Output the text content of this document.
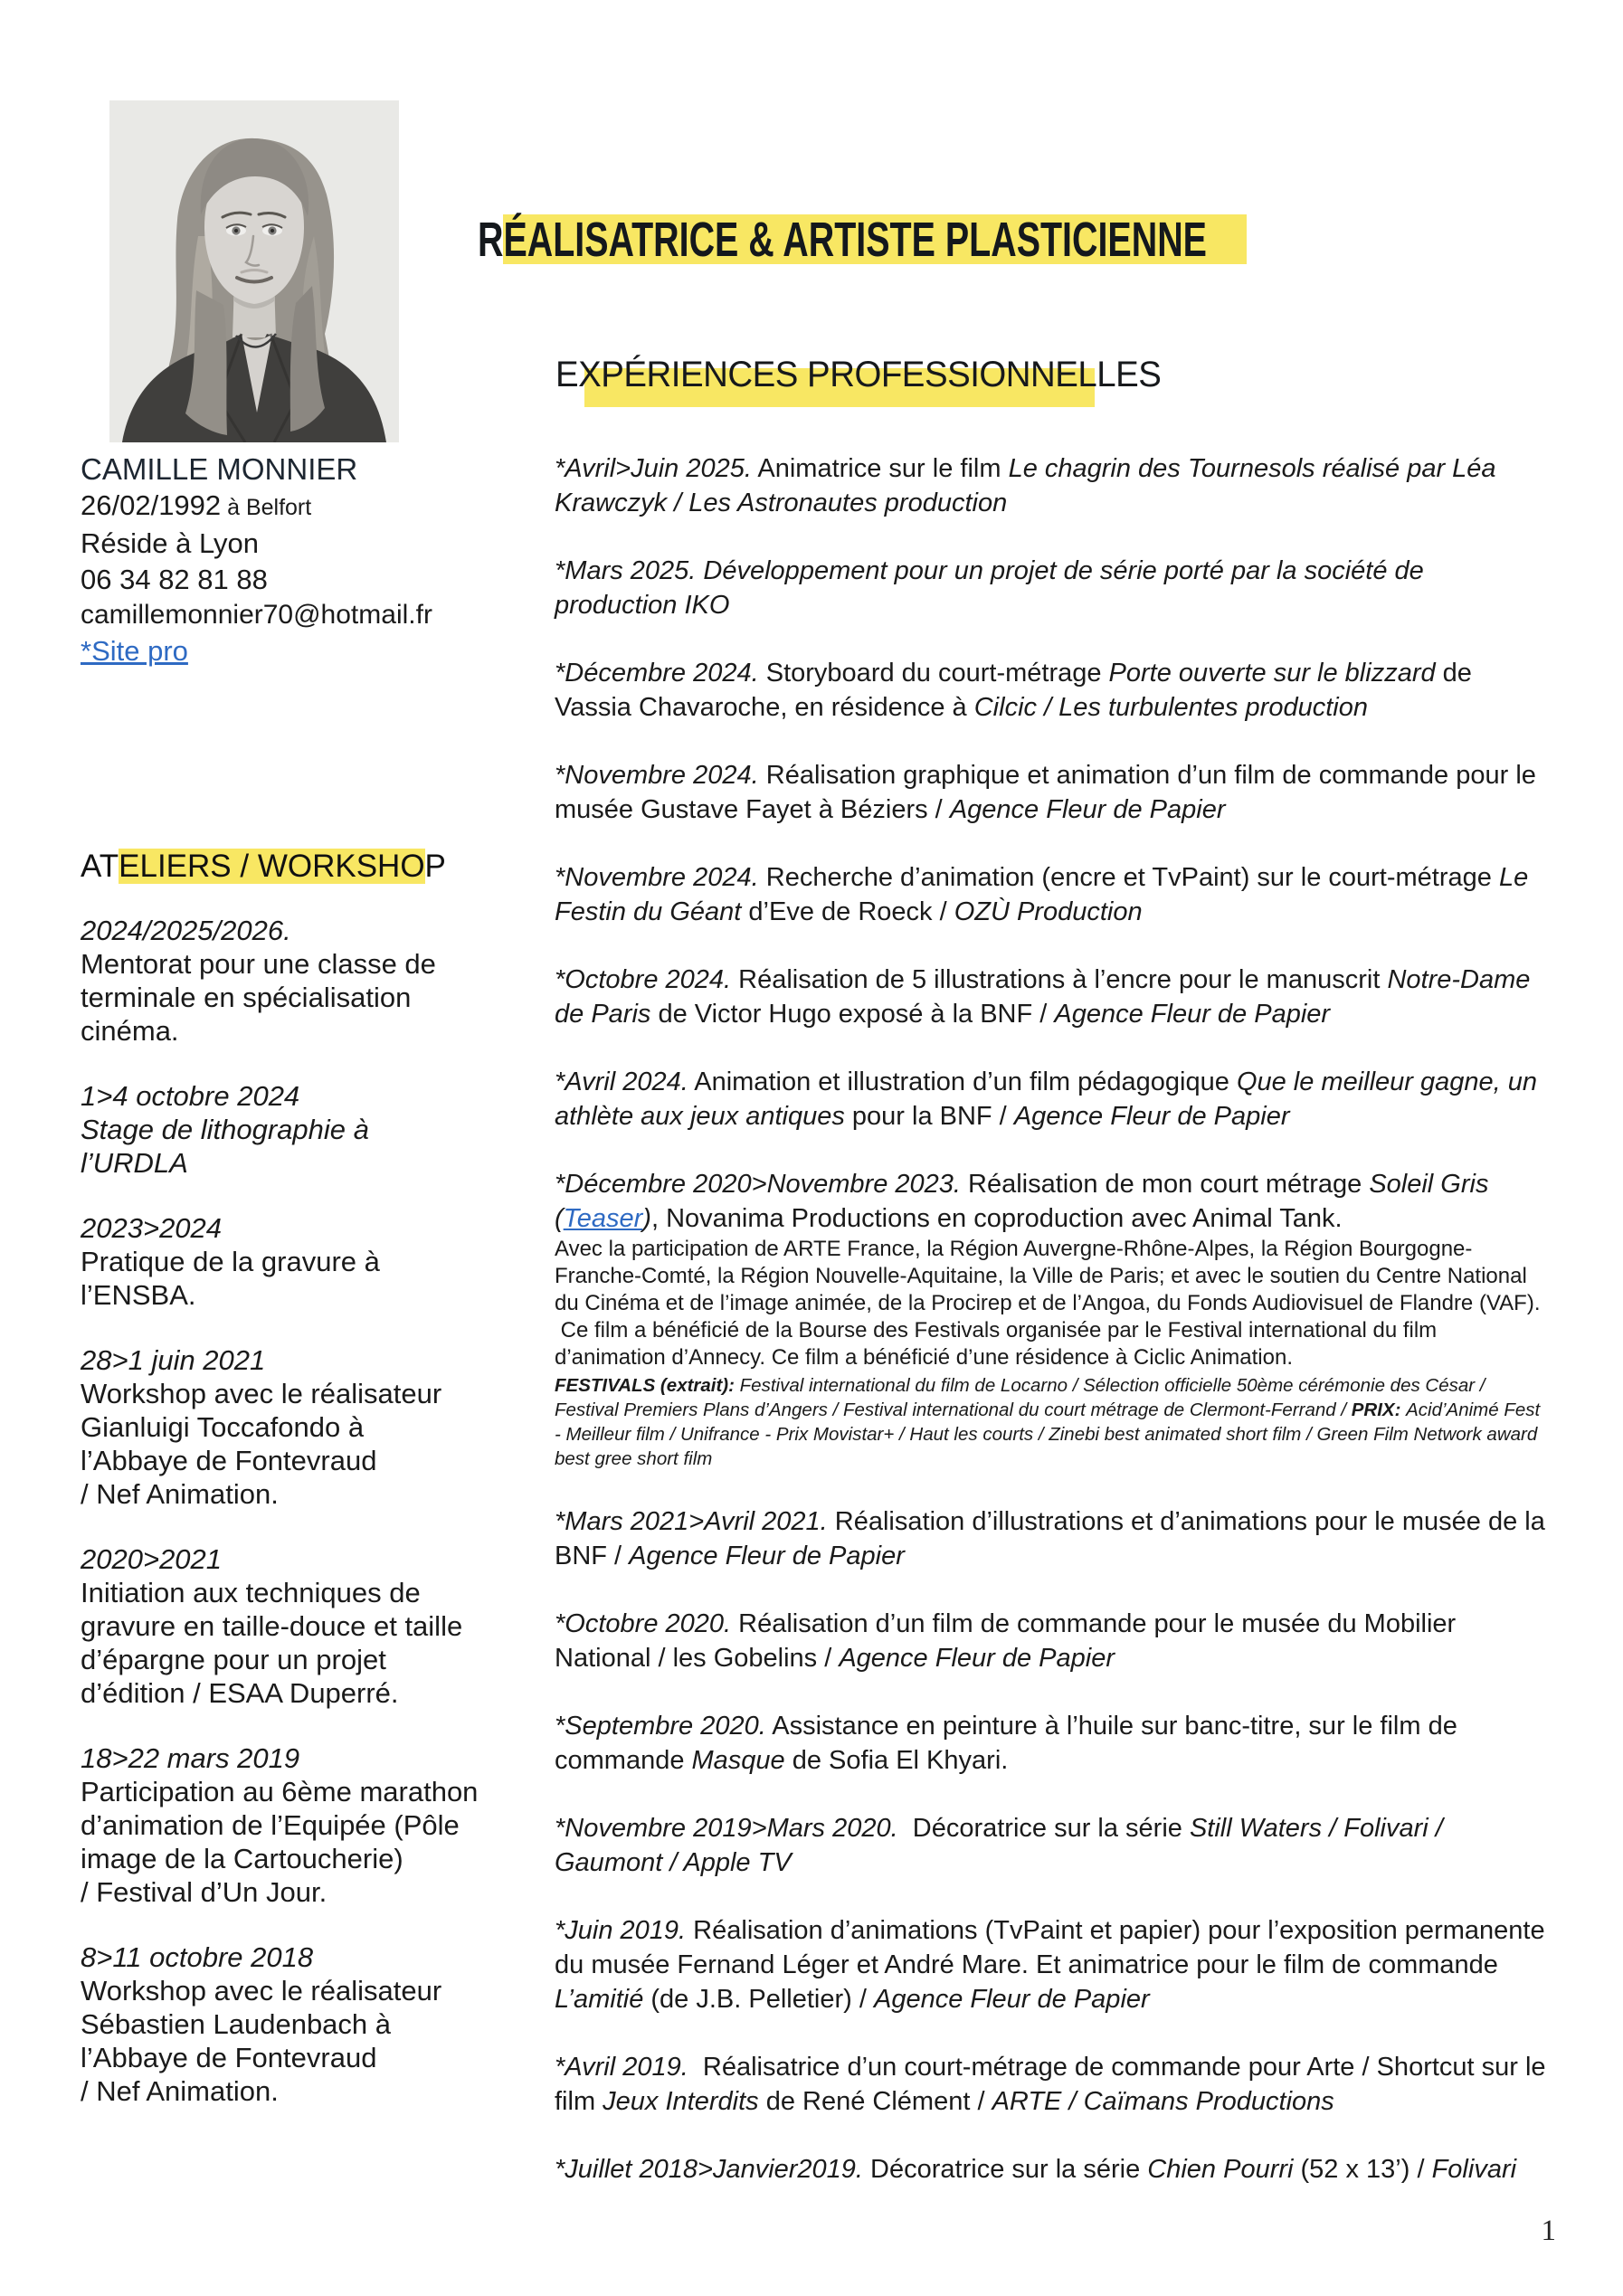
RÉALISATRICE & ARTISTE PLASTICIENNE
EXPÉRIENCES PROFESSIONNELLES
CAMILLE MONNIER
26/02/1992 à Belfort
Réside à Lyon
06 34 82 81 88
camillemonnier70@hotmail.fr
*Site pro
ATELIERS / WORKSHOP
2024/2025/2026.
Mentorat pour une classe de
terminale en spécialisation
cinéma.
1>4 octobre 2024
Stage de lithographie à
l’URDLA
2023>2024
Pratique de la gravure à
l’ENSBA.
28>1 juin 2021
Workshop avec le réalisateur
Gianluigi Toccafondo à
l’Abbaye de Fontevraud
/ Nef Animation.
2020>2021
Initiation aux techniques de
gravure en taille-douce et taille
d’épargne pour un projet
d’édition / ESAA Duperré.
18>22 mars 2019
Participation au 6ème marathon
d’animation de l’Equipée (Pôle
image de la Cartoucherie)
/ Festival d’Un Jour.
8>11 octobre 2018
Workshop avec le réalisateur
Sébastien Laudenbach à
l’Abbaye de Fontevraud
/ Nef Animation.
*Avril>Juin 2025. Animatrice sur le film Le chagrin des Tournesols réalisé par Léa Krawczyk / Les Astronautes production
*Mars 2025. Développement pour un projet de série porté par la société de production IKO
*Décembre 2024. Storyboard du court-métrage Porte ouverte sur le blizzard de Vassia Chavaroche, en résidence à Cilcic / Les turbulentes production
*Novembre 2024. Réalisation graphique et animation d’un film de commande pour le musée Gustave Fayet à Béziers / Agence Fleur de Papier
*Novembre 2024. Recherche d’animation (encre et TvPaint) sur le court-métrage Le Festin du Géant d’Eve de Roeck / OZÙ Production
*Octobre 2024. Réalisation de 5 illustrations à l’encre pour le manuscrit Notre-Dame de Paris de Victor Hugo exposé à la BNF / Agence Fleur de Papier
*Avril 2024. Animation et illustration d’un film pédagogique Que le meilleur gagne, un athlète aux jeux antiques pour la BNF / Agence Fleur de Papier
*Décembre 2020>Novembre 2023. Réalisation de mon court métrage Soleil Gris (Teaser), Novanima Productions en coproduction avec Animal Tank.
Avec la participation de ARTE France, la Région Auvergne-Rhône-Alpes, la Région Bourgogne-Franche-Comté, la Région Nouvelle-Aquitaine, la Ville de Paris; et avec le soutien du Centre National du Cinéma et de l’image animée, de la Procirep et de l’Angoa, du Fonds Audiovisuel de Flandre (VAF).  Ce film a bénéficié de la Bourse des Festivals organisée par le Festival international du film d’animation d’Annecy. Ce film a bénéficié d’une résidence à Ciclic Animation.
FESTIVALS (extrait): Festival international du film de Locarno / Sélection officielle 50ème cérémonie des César / Festival Premiers Plans d’Angers / Festival international du court métrage de Clermont-Ferrand / PRIX: Acid’Animé Fest - Meilleur film / Unifrance - Prix Movistar+ / Haut les courts / Zinebi best animated short film / Green Film Network award best gree short film
*Mars 2021>Avril 2021. Réalisation d’illustrations et d’animations pour le musée de la BNF / Agence Fleur de Papier
*Octobre 2020. Réalisation d’un film de commande pour le musée du Mobilier National / les Gobelins / Agence Fleur de Papier
*Septembre 2020. Assistance en peinture à l’huile sur banc-titre, sur le film de commande Masque de Sofia El Khyari.
*Novembre 2019>Mars 2020.  Décoratrice sur la série Still Waters / Folivari / Gaumont / Apple TV
*Juin 2019. Réalisation d’animations (TvPaint et papier) pour l’exposition permanente du musée Fernand Léger et André Mare. Et animatrice pour le film de commande L’amitié (de J.B. Pelletier) / Agence Fleur de Papier
*Avril 2019.  Réalisatrice d’un court-métrage de commande pour Arte / Shortcut sur le film Jeux Interdits de René Clément / ARTE / Caïmans Productions
*Juillet 2018>Janvier2019. Décoratrice sur la série Chien Pourri (52 x 13’) / Folivari
1
